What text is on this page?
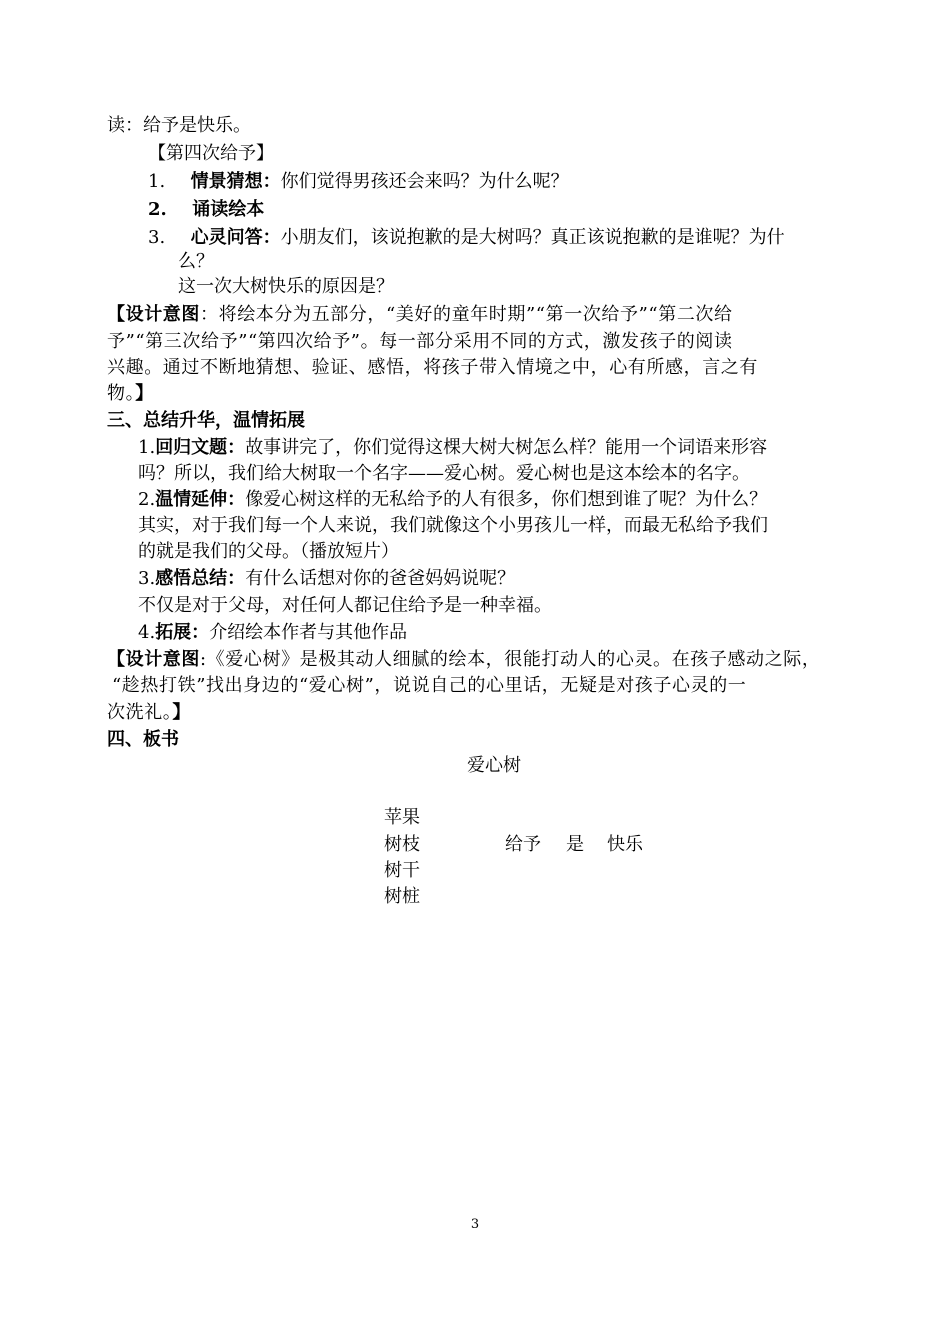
读：给予是快乐。
【第四次给予】
1. 情景猜想：你们觉得男孩还会来吗？为什么呢？
2. 诵读绘本
3. 心灵问答：小朋友们，该说抱歉的是大树吗？真正该说抱歉的是谁呢？为什
么？
这一次大树快乐的原因是？
【设计意图：将绘本分为五部分，“美好的童年时期”“第一次给予”“第二次给
予”“第三次给予”“第四次给予”。每一部分采用不同的方式，激发孩子的阅读
兴趣。通过不断地猜想、验证、感悟，将孩子带入情境之中，心有所感，言之有
物。】
三、总结升华，温情拓展
1.回归文题：故事讲完了，你们觉得这棵大树大树怎么样？能用一个词语来形容
吗？所以，我们给大树取一个名字——爱心树。爱心树也是这本绘本的名字。
2.温情延伸：像爱心树这样的无私给予的人有很多，你们想到谁了呢？为什么？
其实，对于我们每一个人来说，我们就像这个小男孩儿一样，而最无私给予我们
的就是我们的父母。（播放短片）
3.感悟总结：有什么话想对你的爸爸妈妈说呢？
不仅是对于父母，对任何人都记住给予是一种幸福。
4.拓展：介绍绘本作者与其他作品
【设计意图:《爱心树》是极其动人细腻的绘本，很能打动人的心灵。在孩子感动之际，
“趁热打铁”找出身边的“爱心树”，说说自己的心里话，无疑是对孩子心灵的一
次洗礼。】
四、板书
爱心树
苹果
树枝
树干
树桩
给予 是 快乐
3
